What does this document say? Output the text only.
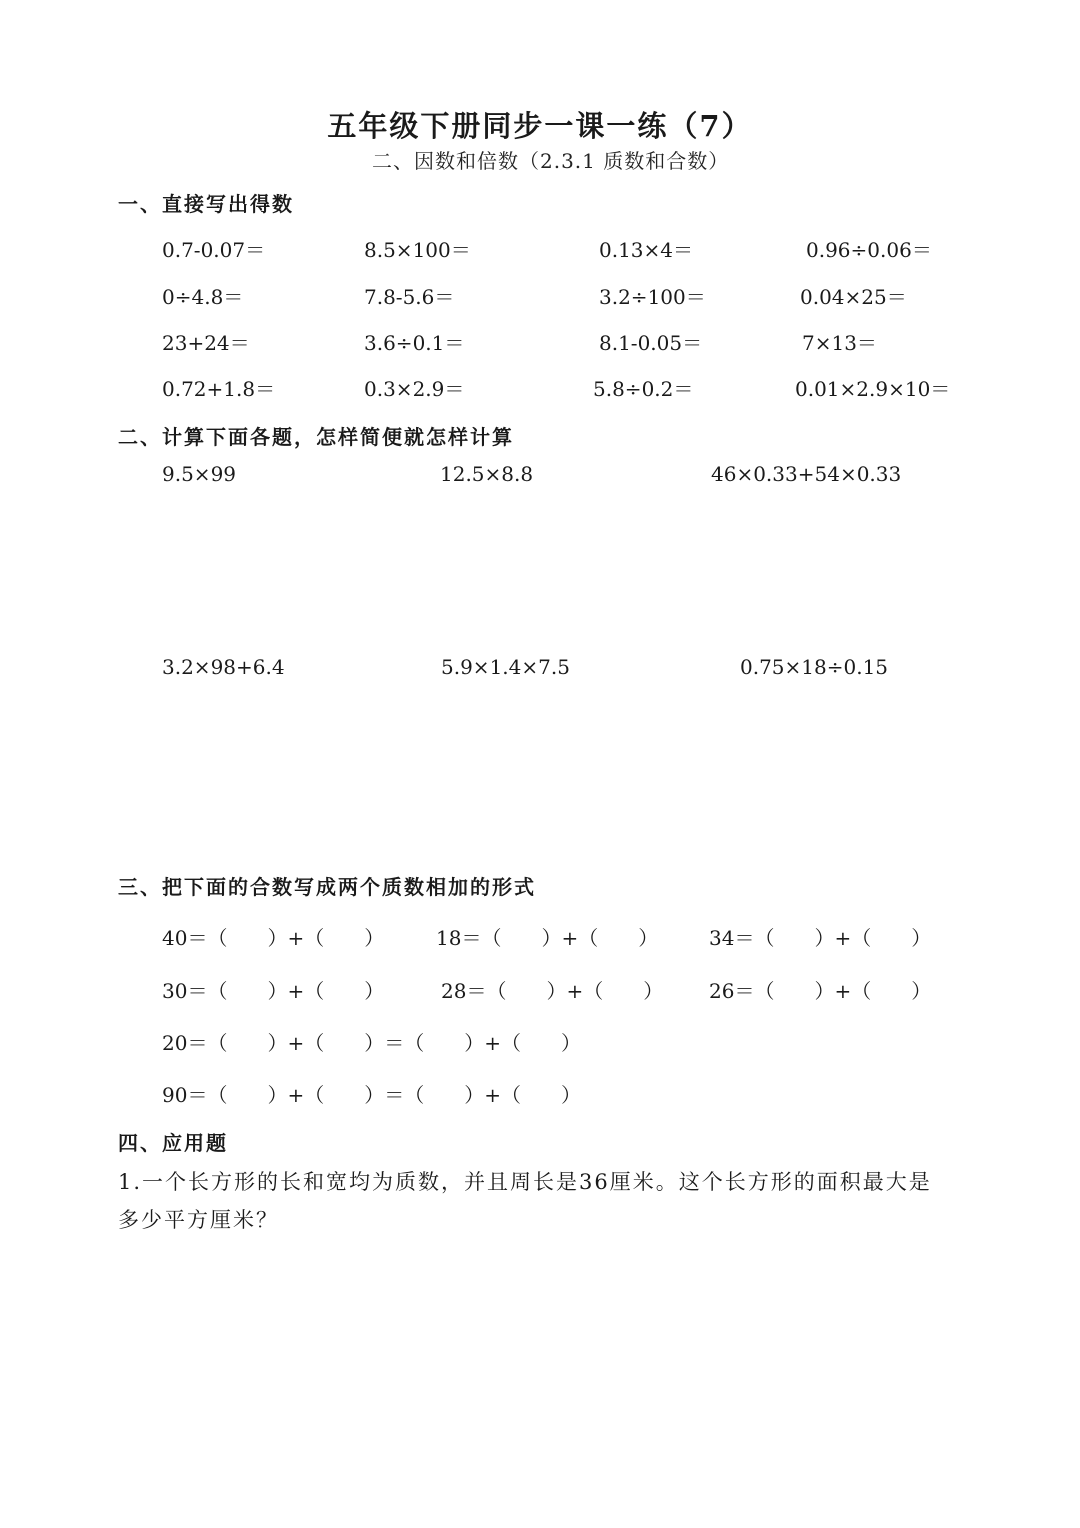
五年级下册同步一课一练（7）
二、因数和倍数（2.3.1 质数和合数）
一、直接写出得数
0.7-0.07＝	8.5×100＝	0.13×4＝	0.96÷0.06＝
0÷4.8＝	7.8-5.6＝	3.2÷100＝	0.04×25＝
23+24＝	3.6÷0.1＝	8.1-0.05＝	7×13＝
0.72+1.8＝	0.3×2.9＝	5.8÷0.2＝	0.01×2.9×10＝
二、计算下面各题，怎样简便就怎样计算
9.5×99	12.5×8.8	46×0.33+54×0.33
3.2×98+6.4	5.9×1.4×7.5	0.75×18÷0.15
三、把下面的合数写成两个质数相加的形式
40＝（　　）+（　　）	18＝（　　）+（　　）	34＝（　　）+（　　）
30＝（　　）+（　　）	28＝（　　）+（　　） 26＝（　　）+（　　）
20＝（　　）+（　　）＝（　　）+（　　）
90＝（　　）+（　　）＝（　　）+（　　）
四、应用题
1.一个长方形的长和宽均为质数，并且周长是36厘米。这个长方形的面积最大是
多少平方厘米？
